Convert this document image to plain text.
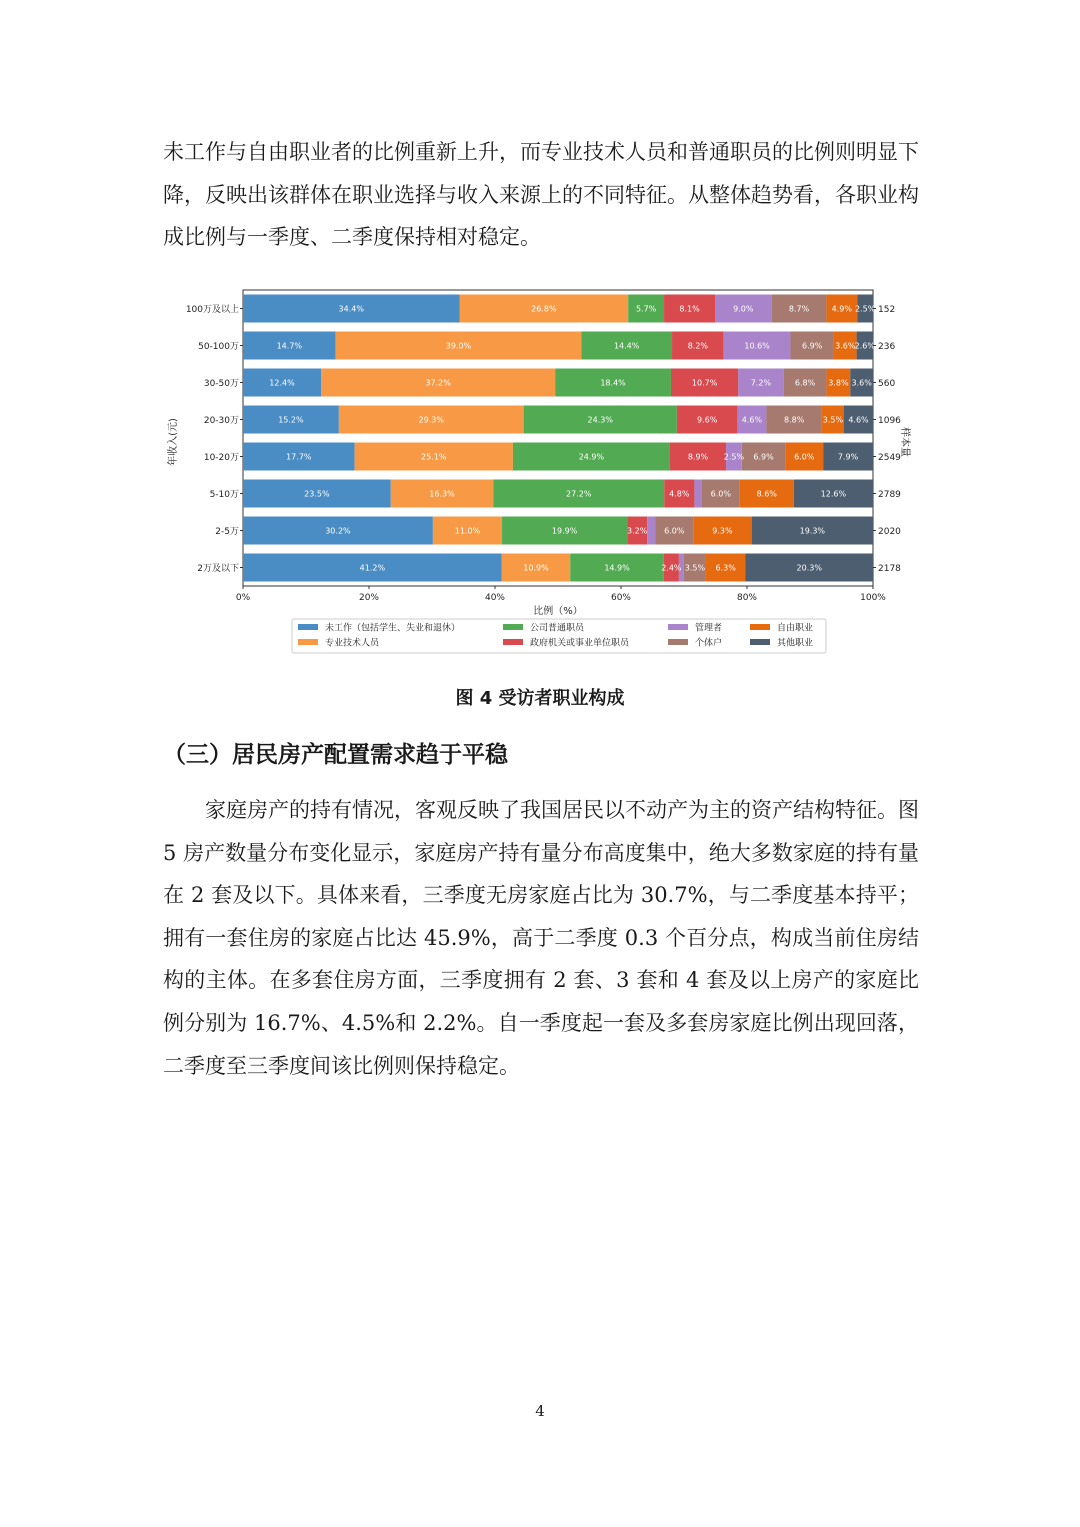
未工作与自由职业者的比例重新上升，而专业技术人员和普通职员的比例则明显下降，反映出该群体在职业选择与收入来源上的不同特征。从整体趋势看，各职业构成比例与一季度、二季度保持相对稳定。

34.4%	26.8%	5.7%	8.1%	9.0%	8.7%	4.9% 2.5%
14.7%	39.0%	14.4%	8.2%	10.6%	6.9% 3.6% 2.6%
12.4%	37.2%	18.4%	10.7%	7.2%	6.8% 3.8% 3.6%
15.2%	29.3%	24.3%	9.6%	4.6%	8.8% 3.5% 4.6%
17.7%	25.1%	24.9%	8.9% 2.5% 6.9%	6.0%	7.9%
23.5%	16.3%	27.2%	4.8%	6.0%	8.6%	12.6%
30.2%	11.0%	19.9%	3.2% 6.0%	9.3%	19.3%
41.2%	10.9%	14.9%	2.4% 3.5% 6.3%	20.3%
100万及以上	152
50-100万	236
30-50万	560
20-30万	1096
10-20万	2549
5-10万	2789
2-5万	2020
2万及以下	2178
0%	20%	40%	60%	80%	100%
年收入(元)	样本量
比例（%）
未工作（包括学生、失业和退休）
专业技术人员
公司普通职员
政府机关或事业单位职员
管理者
个体户
自由职业
其他职业
图 4 受访者职业构成
（三）居民房产配置需求趋于平稳

家庭房产的持有情况，客观反映了我国居民以不动产为主的资产结构特征。图 5 房产数量分布变化显示，家庭房产持有量分布高度集中，绝大多数家庭的持有量在 2 套及以下。具体来看，三季度无房家庭占比为 30.7%，与二季度基本持平；拥有一套住房的家庭占比达 45.9%，高于二季度 0.3 个百分点，构成当前住房结构的主体。在多套住房方面，三季度拥有 2 套、3 套和 4 套及以上房产的家庭比例分别为 16.7%、4.5%和 2.2%。自一季度起一套及多套房家庭比例出现回落，二季度至三季度间该比例则保持稳定。

4
